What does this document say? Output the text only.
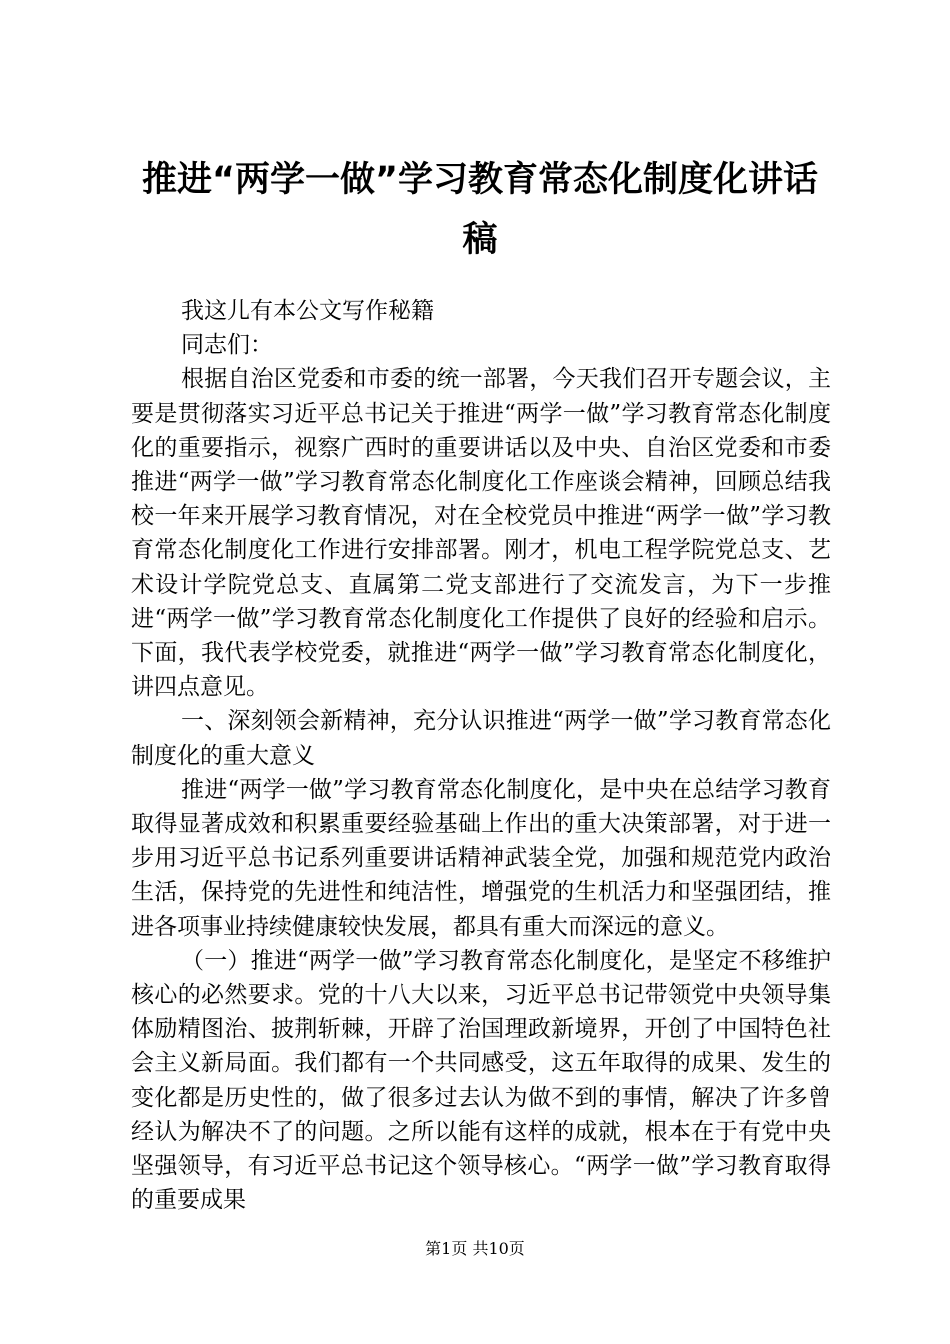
推进“两学一做”学习教育常态化制度化讲话稿

我这儿有本公文写作秘籍

同志们：

根据自治区党委和市委的统一部署，今天我们召开专题会议，主要是贯彻落实习近平总书记关于推进“两学一做”学习教育常态化制度化的重要指示，视察广西时的重要讲话以及中央、自治区党委和市委推进“两学一做”学习教育常态化制度化工作座谈会精神，回顾总结我校一年来开展学习教育情况，对在全校党员中推进“两学一做”学习教育常态化制度化工作进行安排部署。刚才，机电工程学院党总支、艺术设计学院党总支、直属第二党支部进行了交流发言，为下一步推进“两学一做”学习教育常态化制度化工作提供了良好的经验和启示。下面，我代表学校党委，就推进“两学一做”学习教育常态化制度化，讲四点意见。

一、深刻领会新精神，充分认识推进“两学一做”学习教育常态化制度化的重大意义

推进“两学一做”学习教育常态化制度化，是中央在总结学习教育取得显著成效和积累重要经验基础上作出的重大决策部署，对于进一步用习近平总书记系列重要讲话精神武装全党，加强和规范党内政治生活，保持党的先进性和纯洁性，增强党的生机活力和坚强团结，推进各项事业持续健康较快发展，都具有重大而深远的意义。

（一）推进“两学一做”学习教育常态化制度化，是坚定不移维护核心的必然要求。党的十八大以来，习近平总书记带领党中央领导集体励精图治、披荆斩棘，开辟了治国理政新境界，开创了中国特色社会主义新局面。我们都有一个共同感受，这五年取得的成果、发生的变化都是历史性的，做了很多过去认为做不到的事情，解决了许多曾经认为解决不了的问题。之所以能有这样的成就，根本在于有党中央坚强领导，有习近平总书记这个领导核心。“两学一做”学习教育取得的重要成果

第1页 共10页
